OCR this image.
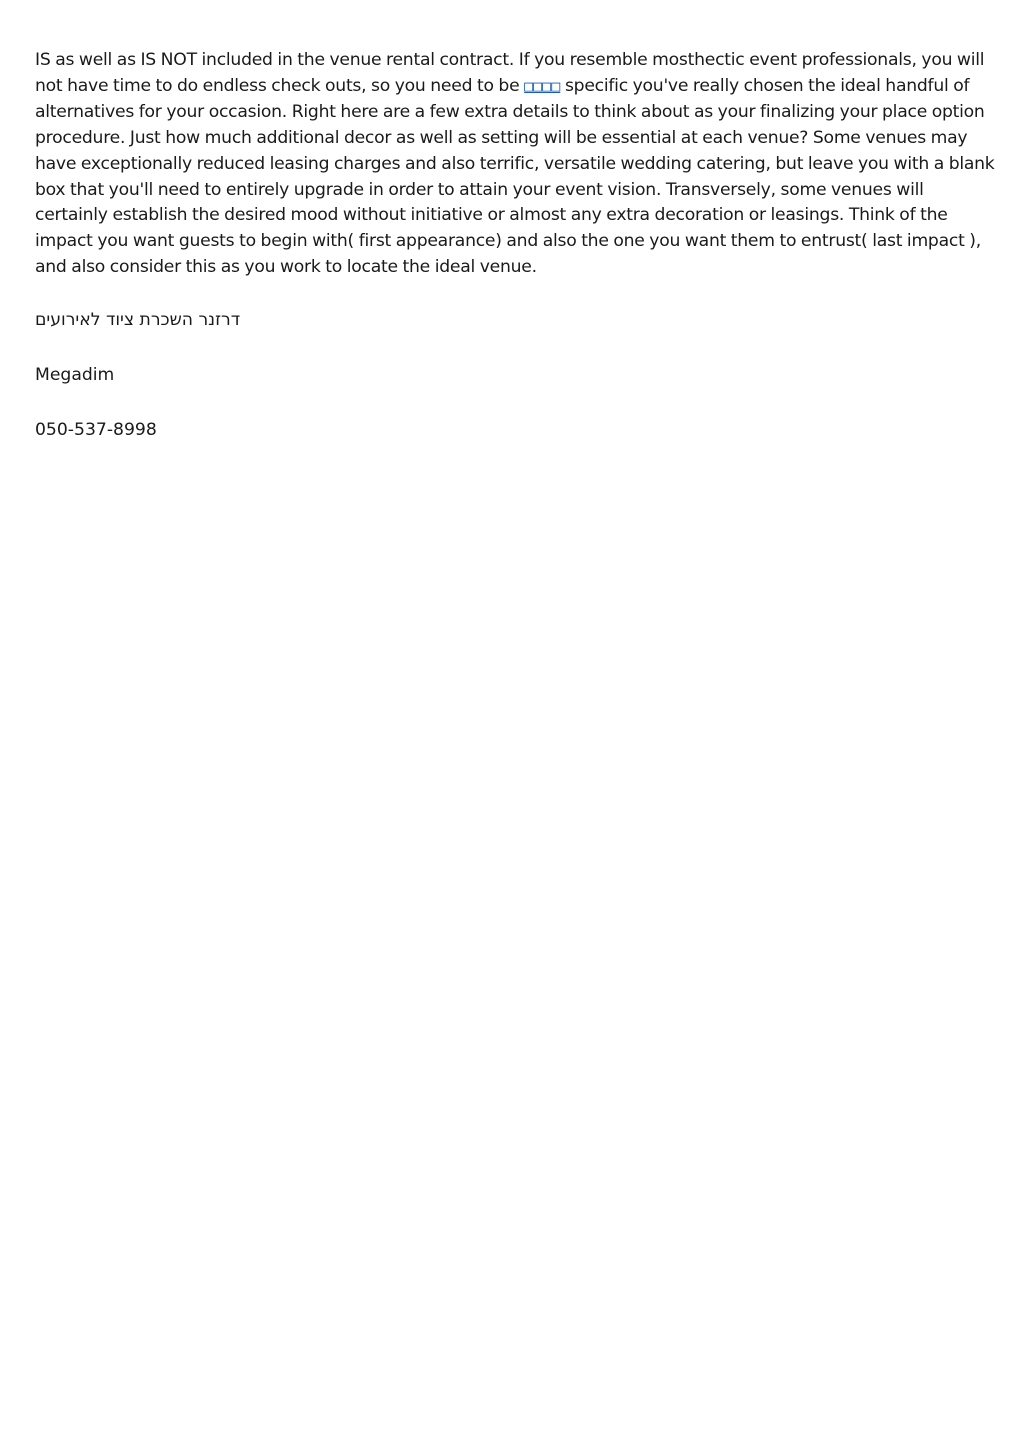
IS as well as IS NOT included in the venue rental contract. If you resemble mosthectic event professionals, you will
not have time to do endless check outs, so you need to be □□□□ specific you've really chosen the ideal handful of
alternatives for your occasion. Right here are a few extra details to think about as your finalizing your place option
procedure. Just how much additional decor as well as setting will be essential at each venue? Some venues may
have exceptionally reduced leasing charges and also terrific, versatile wedding catering, but leave you with a blank
box that you'll need to entirely upgrade in order to attain your event vision. Transversely, some venues will
certainly establish the desired mood without initiative or almost any extra decoration or leasings. Think of the
impact you want guests to begin with( first appearance) and also the one you want them to entrust( last impact ),
and also consider this as you work to locate the ideal venue.

דרזנר השכרת ציוד לאירועים

Megadim

050-537-8998
